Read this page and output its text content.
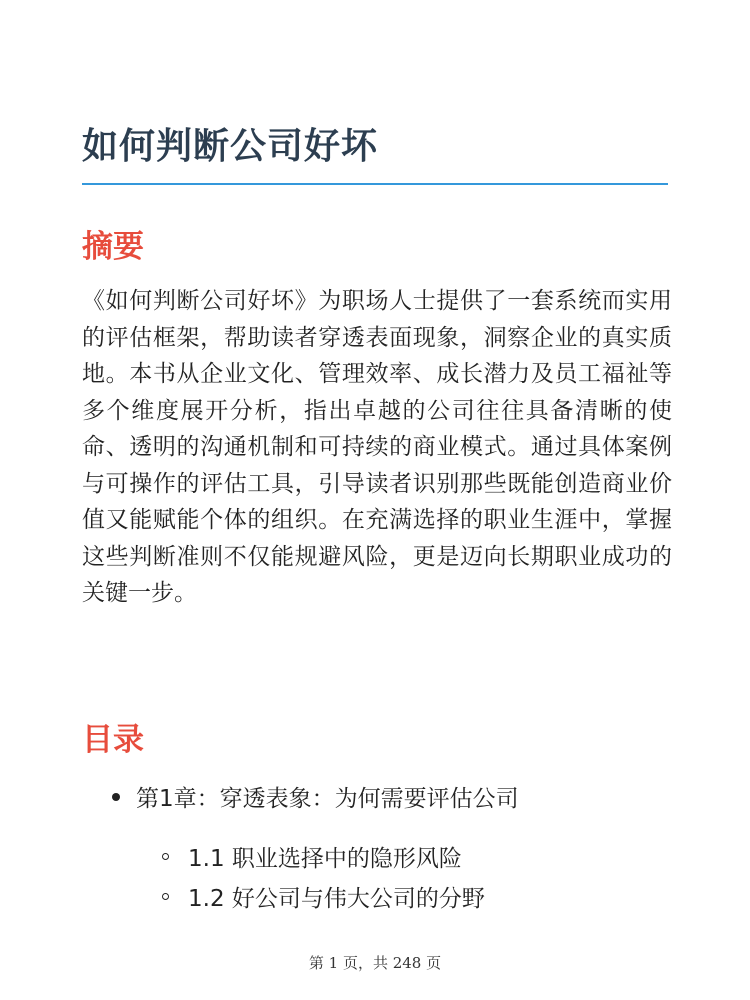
如何判断公司好坏
摘要

《如何判断公司好坏》为职场人士提供了一套系统而实用的评估框架，帮助读者穿透表面现象，洞察企业的真实质地。本书从企业文化、管理效率、成长潜力及员工福祉等多个维度展开分析，指出卓越的公司往往具备清晰的使命、透明的沟通机制和可持续的商业模式。通过具体案例与可操作的评估工具，引导读者识别那些既能创造商业价值又能赋能个体的组织。在充满选择的职业生涯中，掌握这些判断准则不仅能规避风险，更是迈向长期职业成功的关键一步。

目录
第1章：穿透表象：为何需要评估公司
1.1 职业选择中的隐形风险
1.2 好公司与伟大公司的分野
第 1 页，共 248 页
